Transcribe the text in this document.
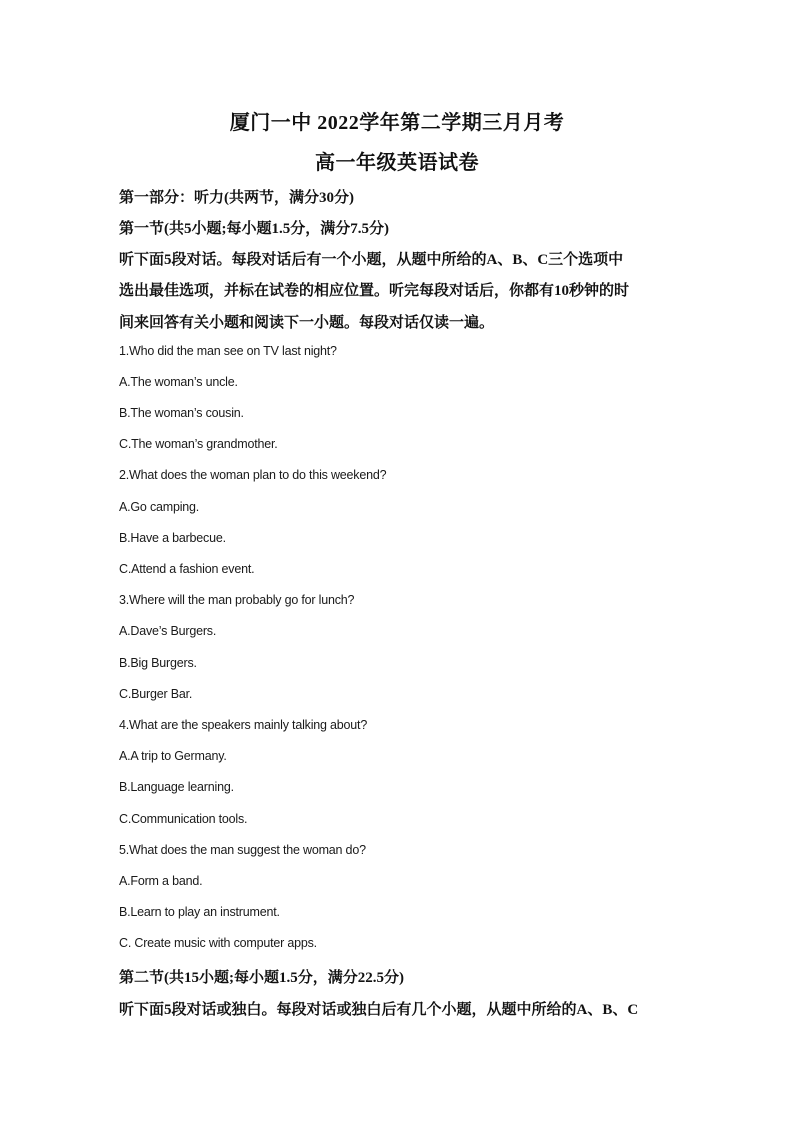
厦门一中 2022学年第二学期三月月考
高一年级英语试卷
第一部分：听力(共两节，满分30分)
第一节(共5小题;每小题1.5分，满分7.5分)
听下面5段对话。每段对话后有一个小题，从题中所给的A、B、C三个选项中
选出最佳选项，并标在试卷的相应位置。听完每段对话后，你都有10秒钟的时
间来回答有关小题和阅读下一小题。每段对话仅读一遍。
1.Who did the man see on TV last night?
A.The woman’s uncle.
B.The woman’s cousin.
C.The woman’s grandmother.
2.What does the woman plan to do this weekend?
A.Go camping.
B.Have a barbecue.
C.Attend a fashion event.
3.Where will the man probably go for lunch?
A.Dave’s Burgers.
B.Big Burgers.
C.Burger Bar.
4.What are the speakers mainly talking about?
A.A trip to Germany.
B.Language learning.
C.Communication tools.
5.What does the man suggest the woman do?
A.Form a band.
B.Learn to play an instrument.
C. Create music with computer apps.
第二节(共15小题;每小题1.5分，满分22.5分)
听下面5段对话或独白。每段对话或独白后有几个小题，从题中所给的A、B、C
